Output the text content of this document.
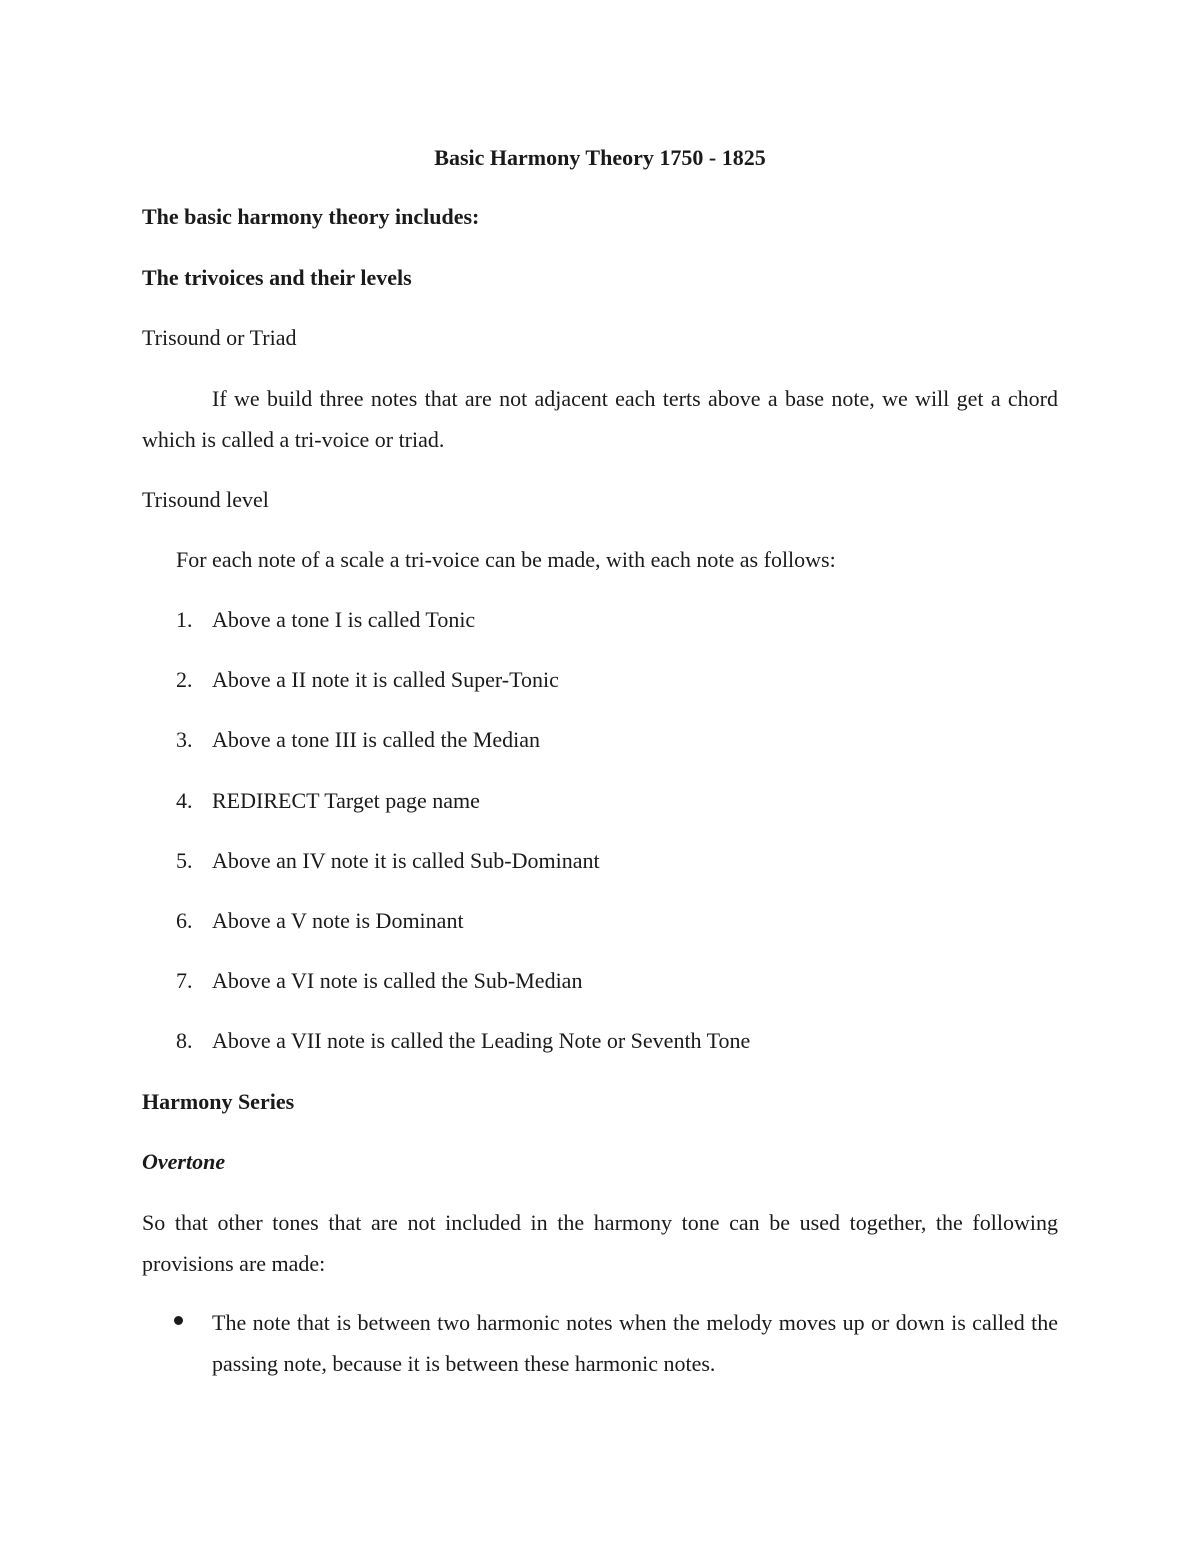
Basic Harmony Theory 1750 - 1825
The basic harmony theory includes:
The trivoices and their levels
Trisound or Triad
If we build three notes that are not adjacent each terts above a base note, we will get a chord which is called a tri-voice or triad.
Trisound level
For each note of a scale a tri-voice can be made, with each note as follows:
1. Above a tone I is called Tonic
2. Above a II note it is called Super-Tonic
3. Above a tone III is called the Median
4. REDIRECT Target page name
5. Above an IV note it is called Sub-Dominant
6. Above a V note is Dominant
7. Above a VI note is called the Sub-Median
8. Above a VII note is called the Leading Note or Seventh Tone
Harmony Series
Overtone
So that other tones that are not included in the harmony tone can be used together, the following provisions are made:
The note that is between two harmonic notes when the melody moves up or down is called the passing note, because it is between these harmonic notes.
